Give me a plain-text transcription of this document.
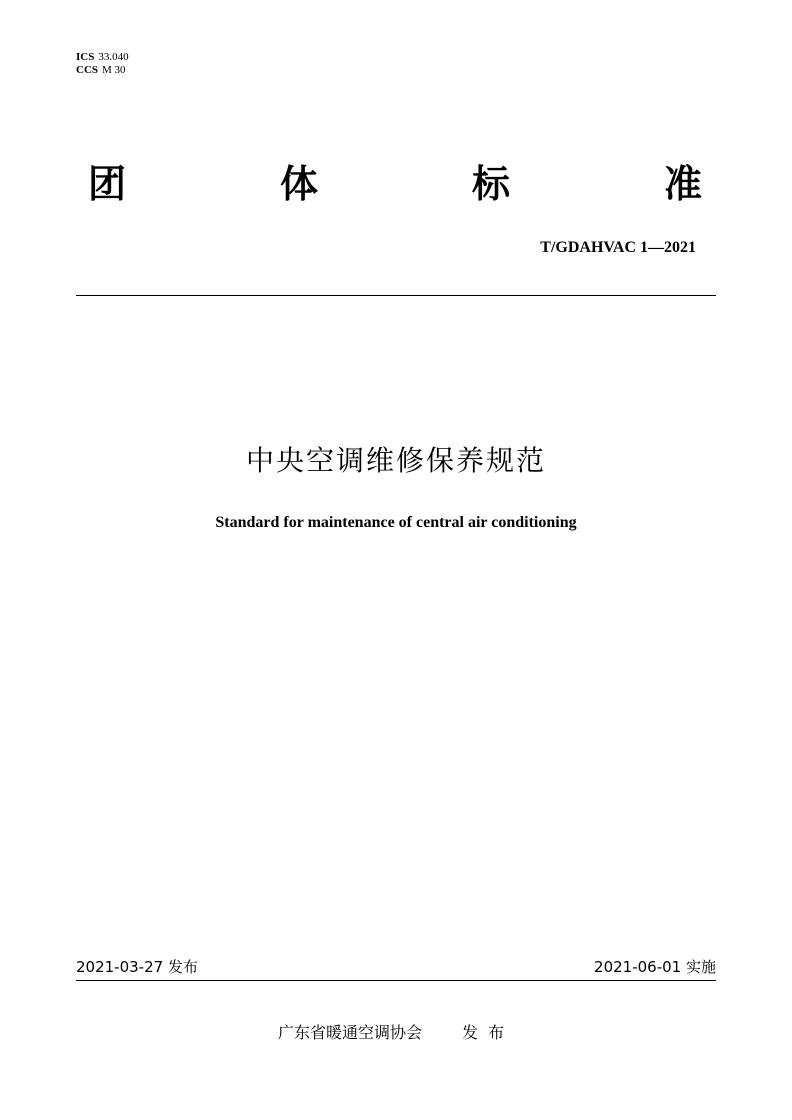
ICS 33.040
CCS M 30
团	体	标	准
T/GDAHVAC 1—2021
中央空调维修保养规范
Standard for maintenance of central air conditioning
2021-03-27 发布	2021-06-01 实施
广东省暖通空调协会	发布
